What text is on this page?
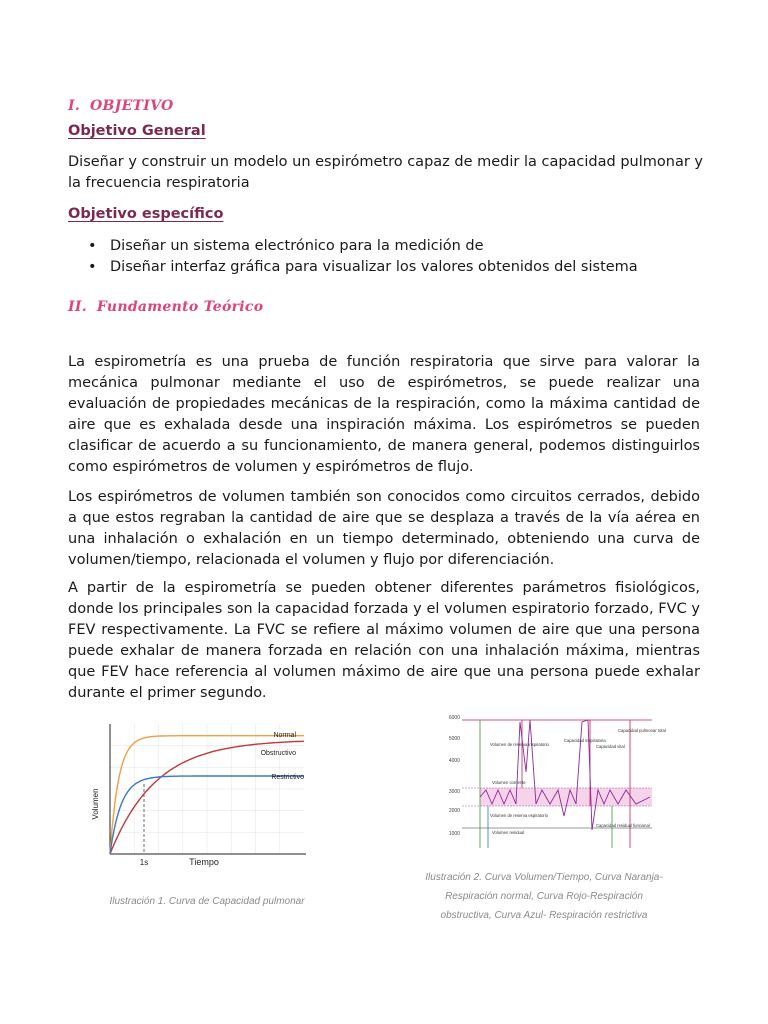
I. OBJETIVO
Objetivo General
Diseñar y construir un modelo un espirómetro capaz de medir la capacidad pulmonar y la frecuencia respiratoria
Objetivo específico
• Diseñar un sistema electrónico para la medición de
• Diseñar interfaz gráfica para visualizar los valores obtenidos del sistema
II. Fundamento Teórico
La espirometría es una prueba de función respiratoria que sirve para valorar la mecánica pulmonar mediante el uso de espirómetros, se puede realizar una evaluación de propiedades mecánicas de la respiración, como la máxima cantidad de aire que es exhalada desde una inspiración máxima. Los espirómetros se pueden clasificar de acuerdo a su funcionamiento, de manera general, podemos distinguirlos como espirómetros de volumen y espirómetros de flujo.
Los espirómetros de volumen también son conocidos como circuitos cerrados, debido a que estos regraban la cantidad de aire que se desplaza a través de la vía aérea en una inhalación o exhalación en un tiempo determinado, obteniendo una curva de volumen/tiempo, relacionada el volumen y flujo por diferenciación.
A partir de la espirometría se pueden obtener diferentes parámetros fisiológicos, donde los principales son la capacidad forzada y el volumen espiratorio forzado, FVC y FEV respectivamente. La FVC se refiere al máximo volumen de aire que una persona puede exhalar de manera forzada en relación con una inhalación máxima, mientras que FEV hace referencia al volumen máximo de aire que una persona puede exhalar durante el primer segundo.
Volumen
1s	Tiempo
Normal
Obstructivo
Restrictivo
Ilustración 1. Curva de Capacidad pulmonar
6000
5000
4000
3000
2000
1000
Volumen de reserva inspiratorio
Capacidad inspiratoria
Capacidad vital
Capacidad pulmonar total
Volumen corriente
Volumen de reserva espiratorio
Capacidad residual funcional
Volumen residual
Ilustración 2. Curva Volumen/Tiempo, Curva Naranja-
Respiración normal, Curva Rojo-Respiración
obstructiva, Curva Azul- Respiración restrictiva
